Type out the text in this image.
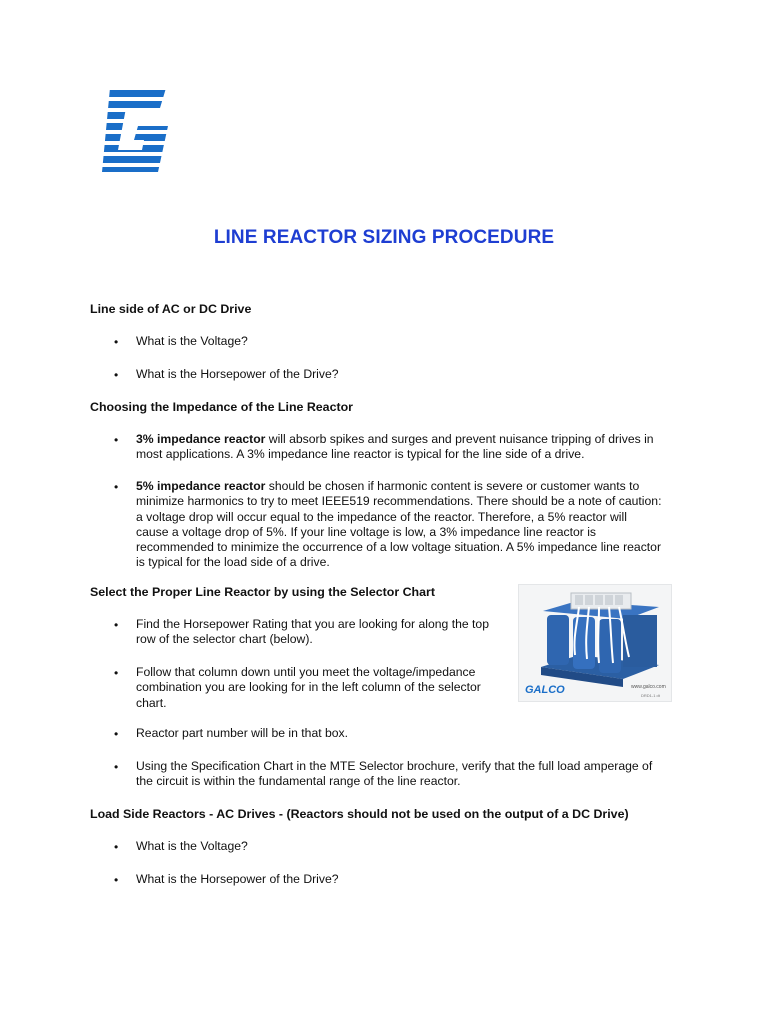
LINE REACTOR SIZING PROCEDURE
Line side of AC or DC Drive
• What is the Voltage?
• What is the Horsepower of the Drive?
Choosing the Impedance of the Line Reactor
• 3% impedance reactor will absorb spikes and surges and prevent nuisance tripping of drives in
most applications. A 3% impedance line reactor is typical for the line side of a drive.
• 5% impedance reactor should be chosen if harmonic content is severe or customer wants to
minimize harmonics to try to meet IEEE519 recommendations. There should be a note of caution:
a voltage drop will occur equal to the impedance of the reactor. Therefore, a 5% reactor will
cause a voltage drop of 5%. If your line voltage is low, a 3% impedance line reactor is
recommended to minimize the occurrence of a low voltage situation. A 5% impedance line reactor
is typical for the load side of a drive.
Select the Proper Line Reactor by using the Selector Chart
• Find the Horsepower Rating that you are looking for along the top
row of the selector chart (below).
• Follow that column down until you meet the voltage/impedance
combination you are looking for in the left column of the selector
chart.
• Reactor part number will be in that box.
• Using the Specification Chart in the MTE Selector brochure, verify that the full load amperage of
the circuit is within the fundamental range of the line reactor.
GALCO	www.galco.com
DRD1-1 dt
Load Side Reactors - AC Drives - (Reactors should not be used on the output of a DC Drive)
• What is the Voltage?
• What is the Horsepower of the Drive?
